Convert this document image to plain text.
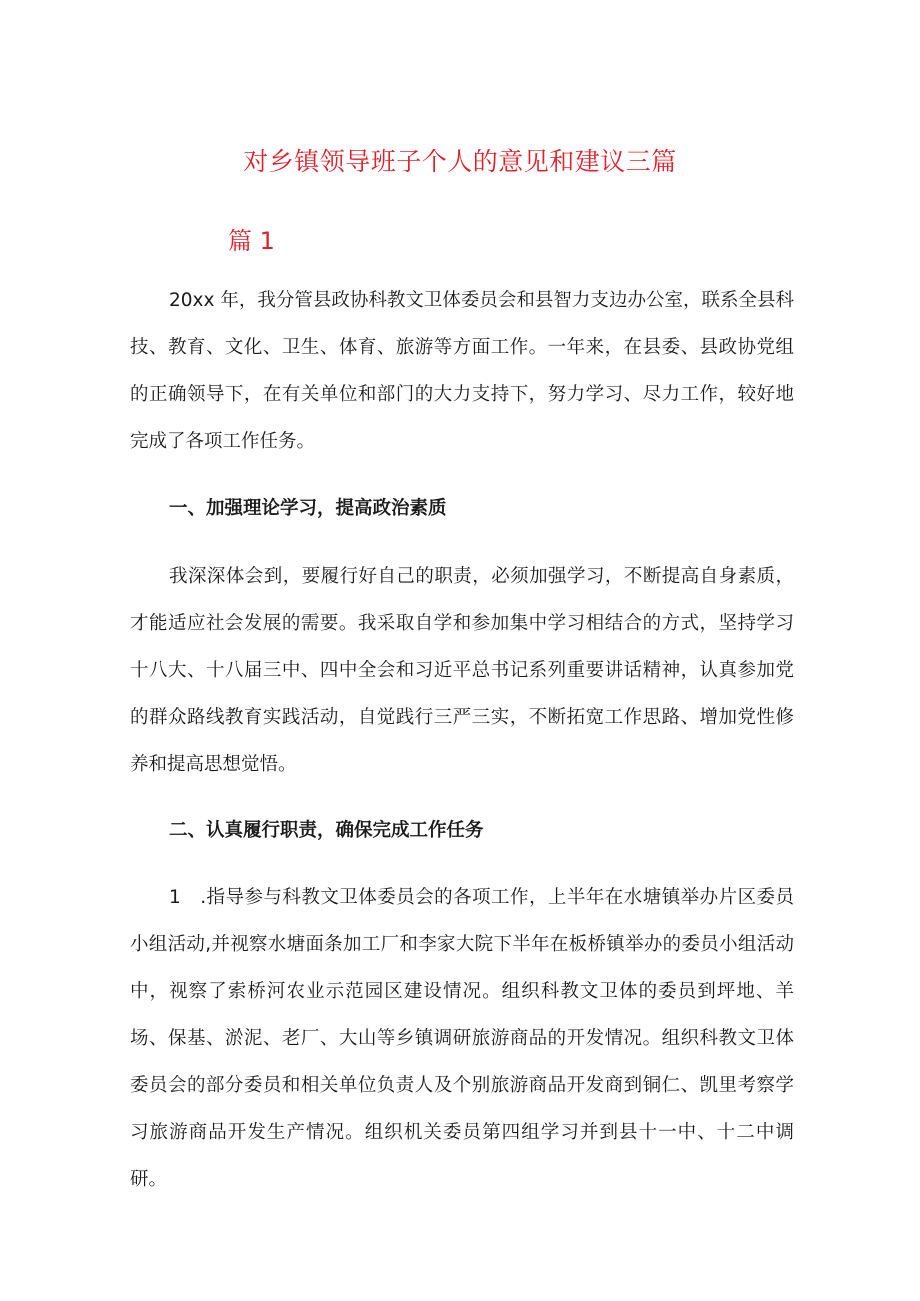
对乡镇领导班子个人的意见和建议三篇
篇 1

20xx 年，我分管县政协科教文卫体委员会和县智力支边办公室，联系全县科技、教育、文化、卫生、体育、旅游等方面工作。一年来，在县委、县政协党组的正确领导下，在有关单位和部门的大力支持下，努力学习、尽力工作，较好地完成了各项工作任务。

一、加强理论学习，提高政治素质

我深深体会到，要履行好自己的职责，必须加强学习，不断提高自身素质，才能适应社会发展的需要。我采取自学和参加集中学习相结合的方式，坚持学习十八大、十八届三中、四中全会和习近平总书记系列重要讲话精神，认真参加党的群众路线教育实践活动，自觉践行三严三实，不断拓宽工作思路、增加党性修养和提高思想觉悟。

二、认真履行职责，确保完成工作任务

1　.指导参与科教文卫体委员会的各项工作，上半年在水塘镇举办片区委员小组活动,并视察水塘面条加工厂和李家大院下半年在板桥镇举办的委员小组活动中，视察了索桥河农业示范园区建设情况。组织科教文卫体的委员到坪地、羊场、保基、淤泥、老厂、大山等乡镇调研旅游商品的开发情况。组织科教文卫体委员会的部分委员和相关单位负责人及个别旅游商品开发商到铜仁、凯里考察学习旅游商品开发生产情况。组织机关委员第四组学习并到县十一中、十二中调研。
